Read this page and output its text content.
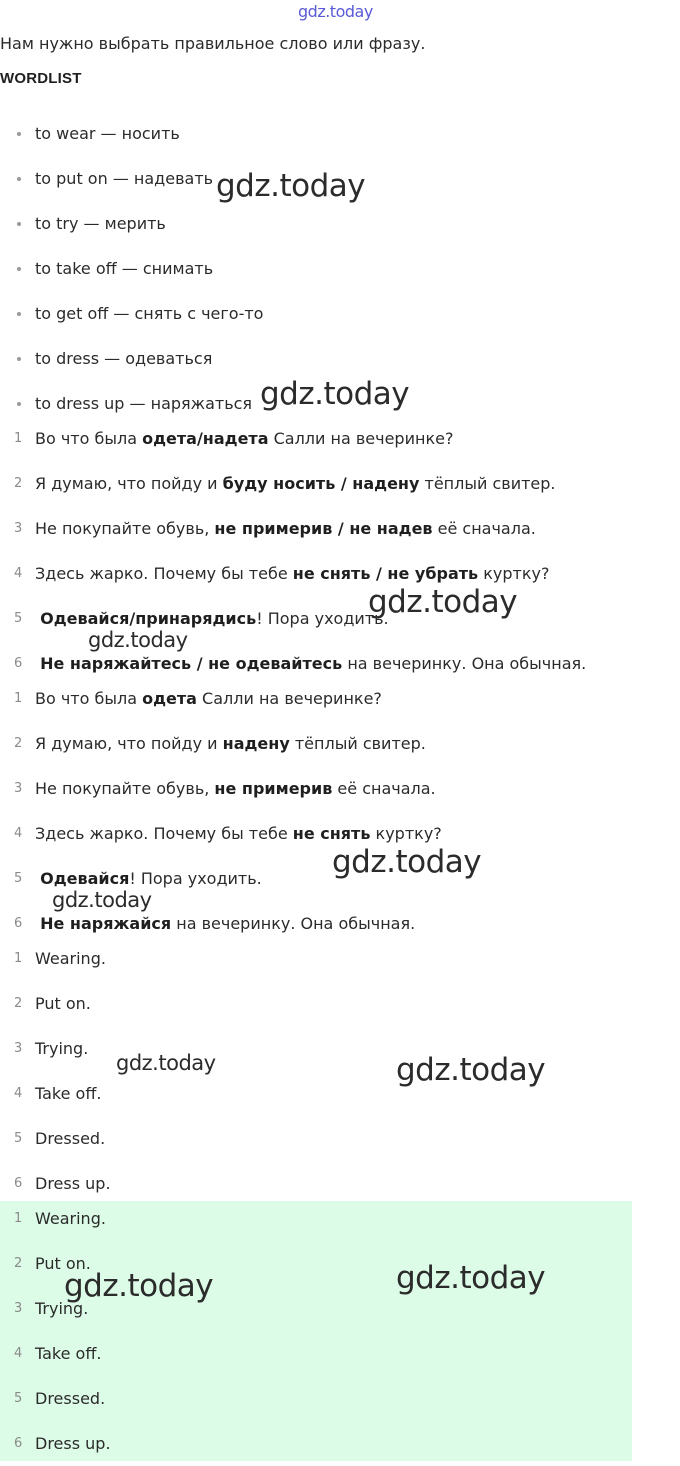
gdz.today
Нам нужно выбрать правильное слово или фразу.
WORDLIST
to wear — носить
to put on — надевать
to try — мерить
to take off — снимать
to get off — снять с чего-то
to dress — одеваться
to dress up — наряжаться
1 Во что была одета/надета Салли на вечеринке?
2 Я думаю, что пойду и буду носить / надену тёплый свитер.
3 Не покупайте обувь, не примерив / не надев её сначала.
4 Здесь жарко. Почему бы тебе не снять / не убрать куртку?
5	Одевайся/принарядись! Пора уходить.
6	Не наряжайтесь / не одевайтесь на вечеринку. Она обычная.
1 Во что была одета Салли на вечеринке?
2 Я думаю, что пойду и надену тёплый свитер.
3 Не покупайте обувь, не примерив её сначала.
4 Здесь жарко. Почему бы тебе не снять куртку?
5	Одевайся! Пора уходить.
6	Не наряжайся на вечеринку. Она обычная.
1 Wearing.
2 Put on.
3 Trying.
4 Take off.
5 Dressed.
6 Dress up.
1 Wearing.
2 Put on.
3 Trying.
4 Take off.
5 Dressed.
6 Dress up.
gdz.today
gdz.today
gdz.today
gdz.today
gdz.today
gdz.today
gdz.today	gdz.today
gdz.today	gdz.today
